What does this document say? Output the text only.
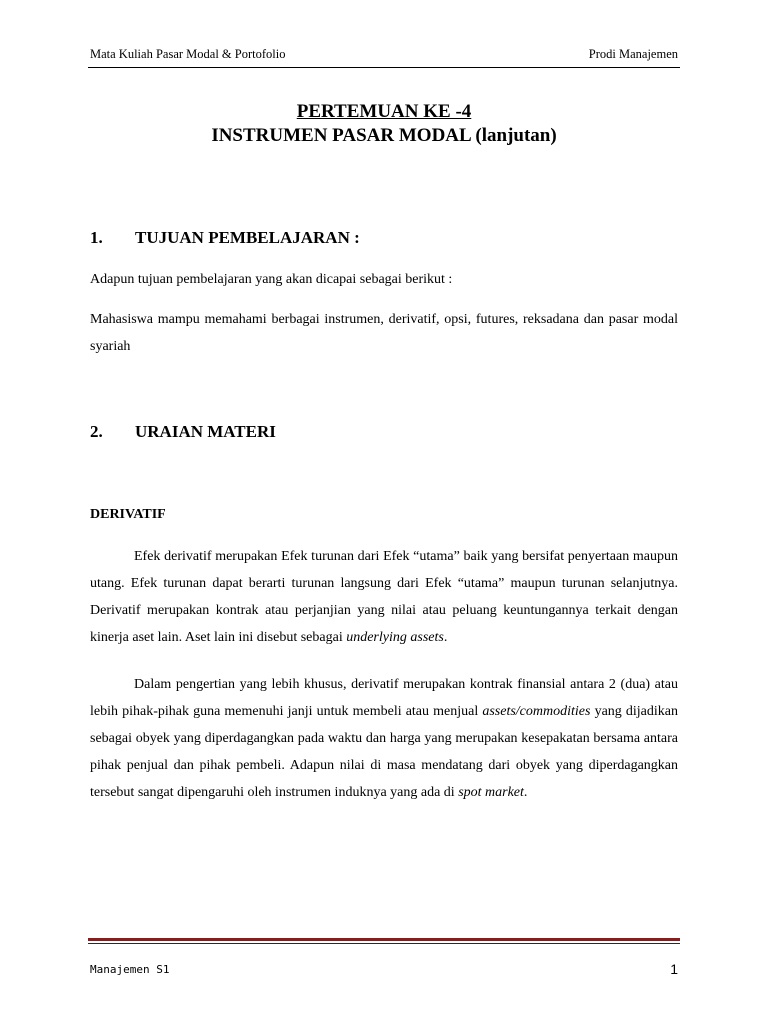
Mata Kuliah Pasar Modal & Portofolio	Prodi Manajemen
PERTEMUAN KE -4
INSTRUMEN PASAR MODAL (lanjutan)
1. TUJUAN PEMBELAJARAN :
Adapun tujuan pembelajaran yang akan dicapai sebagai berikut :
Mahasiswa mampu memahami berbagai instrumen, derivatif, opsi, futures, reksadana dan pasar modal syariah
2. URAIAN MATERI
DERIVATIF
Efek derivatif merupakan Efek turunan dari Efek “utama” baik yang bersifat penyertaan maupun utang. Efek turunan dapat berarti turunan langsung dari Efek “utama” maupun turunan selanjutnya. Derivatif merupakan kontrak atau perjanjian yang nilai atau peluang keuntungannya terkait dengan kinerja aset lain. Aset lain ini disebut sebagai underlying assets.
Dalam pengertian yang lebih khusus, derivatif merupakan kontrak finansial antara 2 (dua) atau lebih pihak-pihak guna memenuhi janji untuk membeli atau menjual assets/commodities yang dijadikan sebagai obyek yang diperdagangkan pada waktu dan harga yang merupakan kesepakatan bersama antara pihak penjual dan pihak pembeli. Adapun nilai di masa mendatang dari obyek yang diperdagangkan tersebut sangat dipengaruhi oleh instrumen induknya yang ada di spot market.
Manajemen S1	1
